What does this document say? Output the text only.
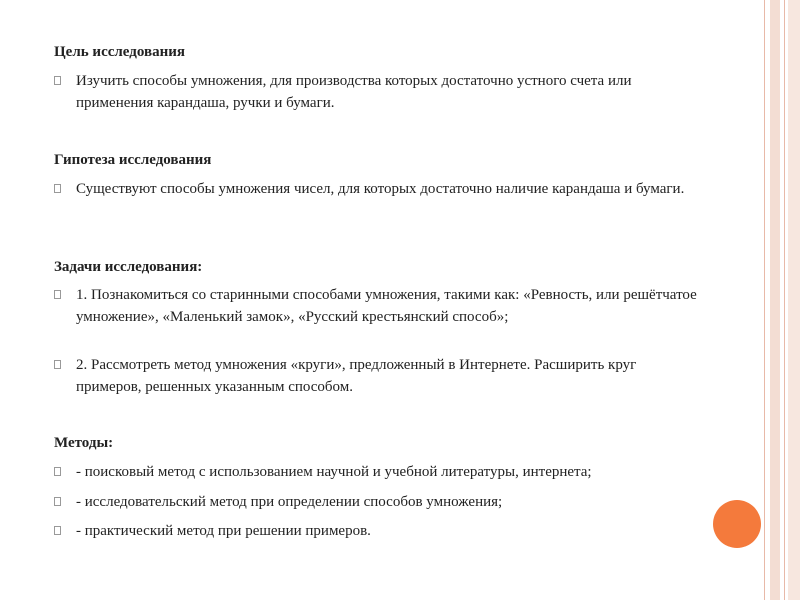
Цель исследования
Изучить способы умножения, для производства которых достаточно устного счета или применения карандаша, ручки и бумаги.
Гипотеза исследования
Существуют способы умножения чисел, для которых достаточно наличие карандаша и бумаги.
Задачи исследования:
1. Познакомиться со старинными способами умножения, такими как: «Ревность, или решётчатое умножение», «Маленький замок», «Русский крестьянский способ»;
2. Рассмотреть метод умножения «круги», предложенный в Интернете. Расширить круг примеров, решенных указанным способом.
Методы:
- поисковый метод с использованием научной и учебной литературы, интернета;
- исследовательский метод при определении способов умножения;
- практический метод при решении примеров.
